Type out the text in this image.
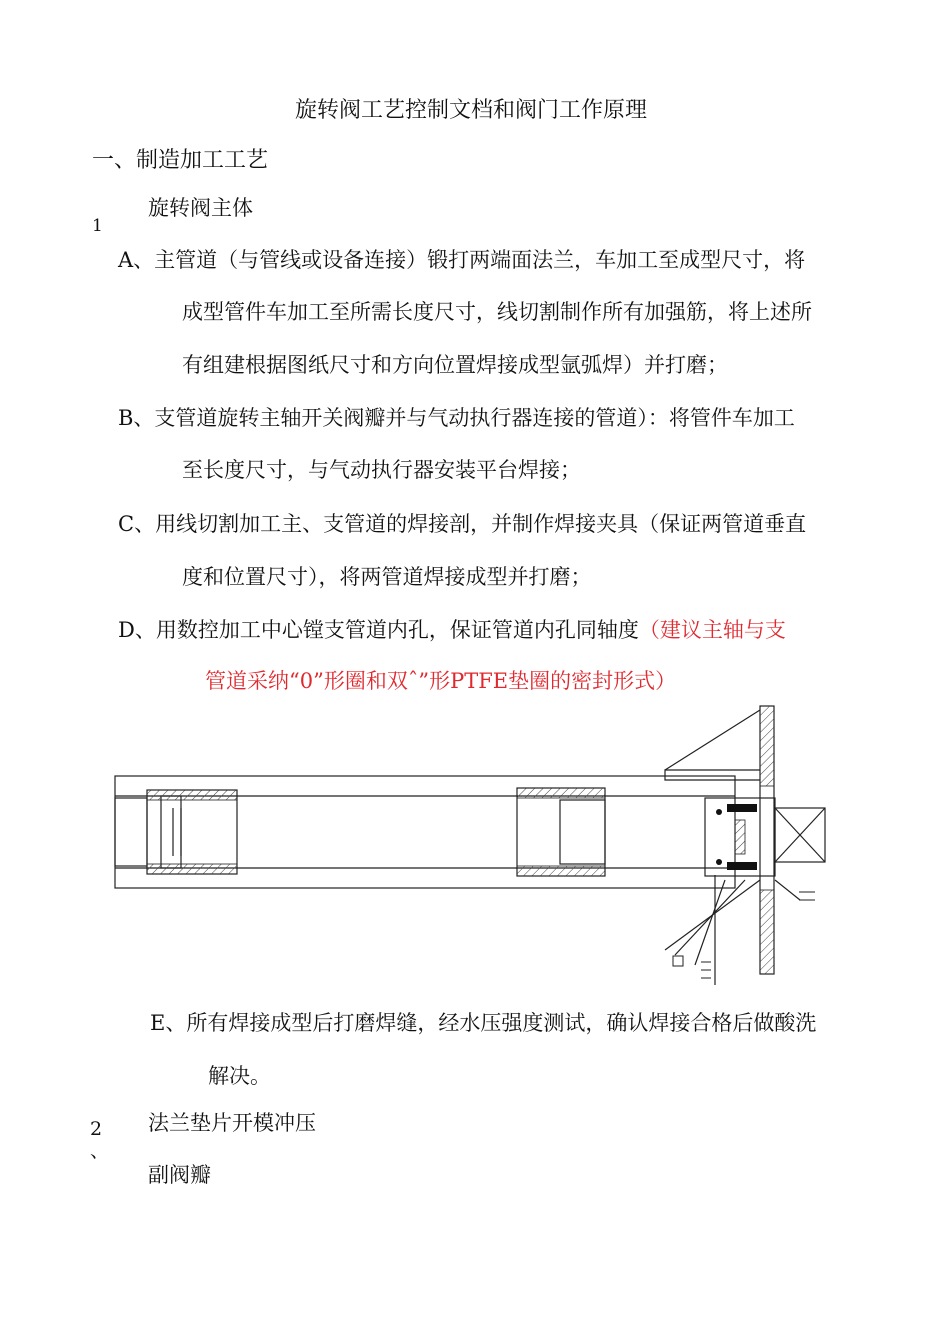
旋转阀工艺控制文档和阀门工作原理
一、制造加工工艺
旋转阀主体
1
A、主管道（与管线或设备连接）锻打两端面法兰，车加工至成型尺寸，将
成型管件车加工至所需长度尺寸，线切割制作所有加强筋，将上述所
有组建根据图纸尺寸和方向位置焊接成型氩弧焊）并打磨；
B、支管道旋转主轴开关阀瓣并与气动执行器连接的管道）：将管件车加工
至长度尺寸，与气动执行器安装平台焊接；
C、用线切割加工主、支管道的焊接剖，并制作焊接夹具（保证两管道垂直
度和位置尺寸），将两管道焊接成型并打磨；
D、用数控加工中心镗支管道内孔，保证管道内孔同轴度（建议主轴与支
管道采纳“0”形圈和双ˆ”形PTFE垫圈的密封形式）
E、所有焊接成型后打磨焊缝，经水压强度测试，确认焊接合格后做酸洗
解决。
2 法兰垫片开模冲压
、
副阀瓣
